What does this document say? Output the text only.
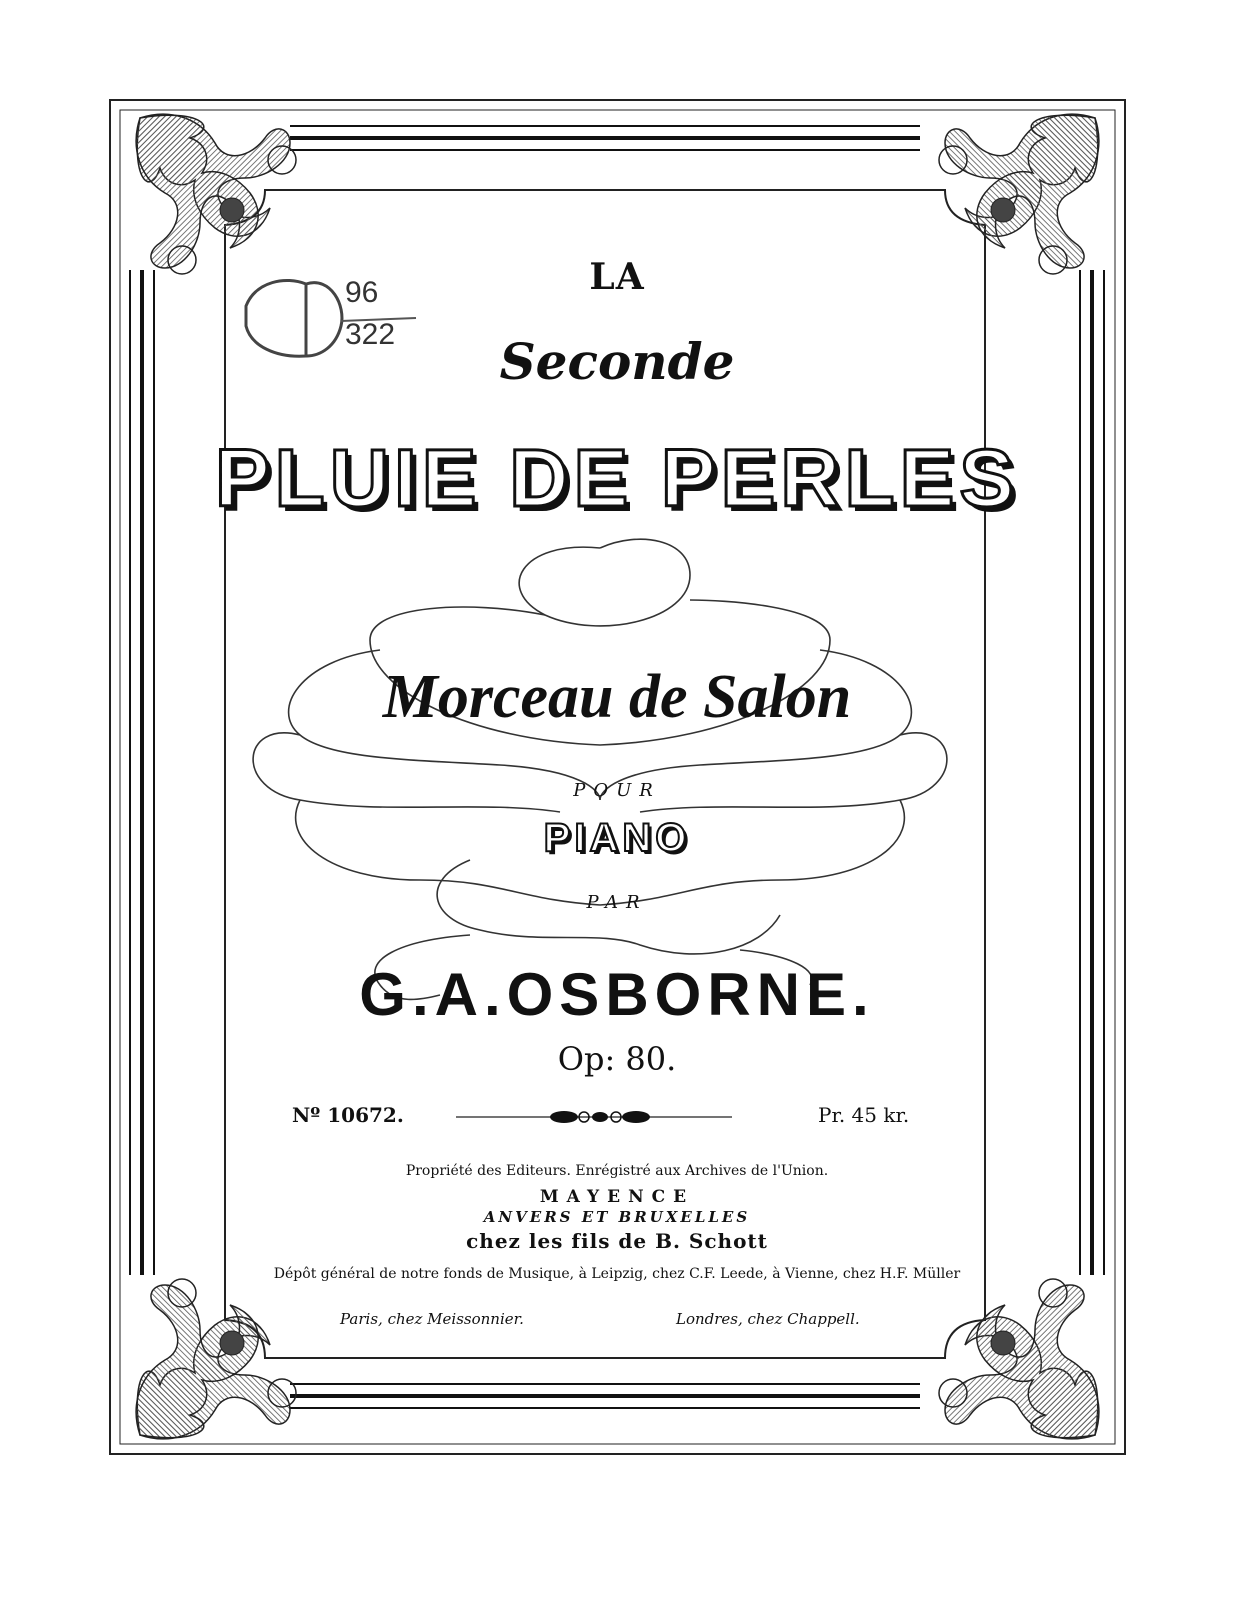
96
322
LA
Seconde
PLUIE DE PERLES
Morceau de Salon
POUR
PIANO
PAR
G.A.OSBORNE.
Op: 80.
Nº 10672.	Pr. 45 kr.
Propriété des Editeurs. Enrégistré aux Archives de l'Union.
MAYENCE
ANVERS ET BRUXELLES
chez les fils de B. Schott
Dépôt général de notre fonds de Musique, à Leipzig, chez C.F. Leede, à Vienne, chez H.F. Müller
Paris, chez Meissonnier.	Londres, chez Chappell.
